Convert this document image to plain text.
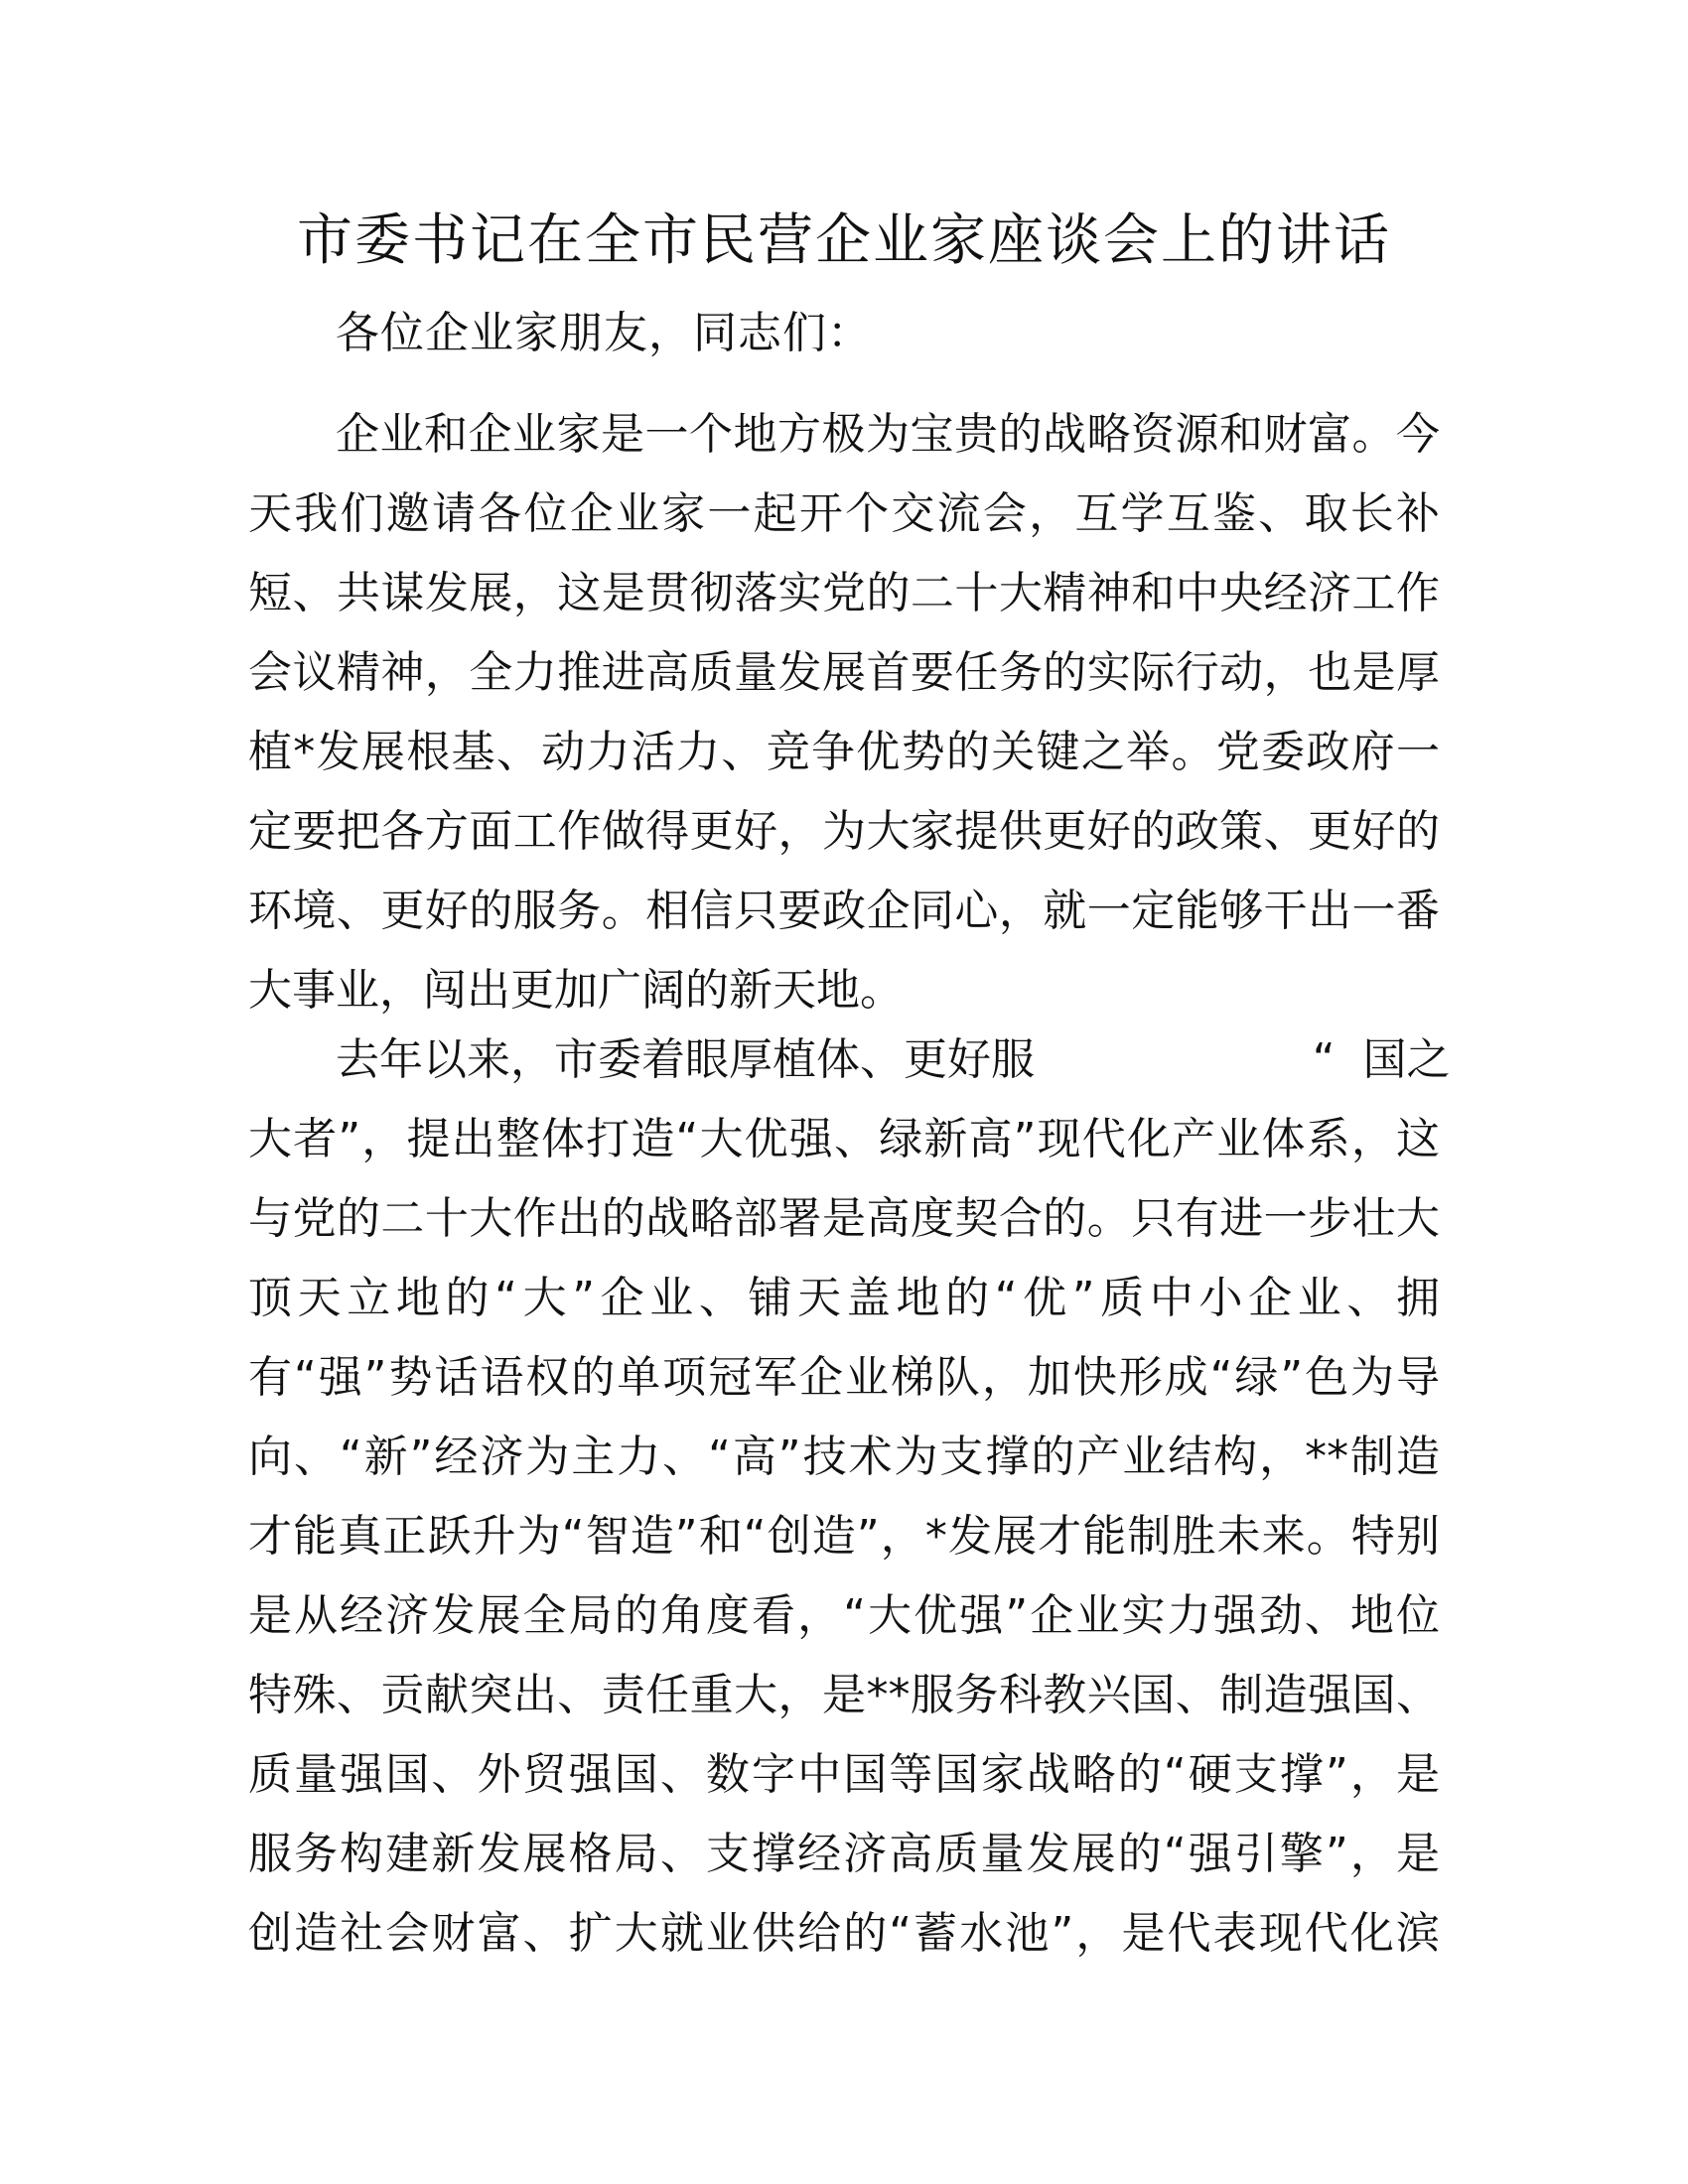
市委书记在全市民营企业家座谈会上的讲话
各位企业家朋友，同志们：
企业和企业家是一个地方极为宝贵的战略资源和财富。今
天我们邀请各位企业家一起开个交流会，互学互鉴、取长补
短、共谋发展，这是贯彻落实党的二十大精神和中央经济工作
会议精神，全力推进高质量发展首要任务的实际行动，也是厚
植*发展根基、动力活力、竞争优势的关键之举。党委政府一
定要把各方面工作做得更好，为大家提供更好的政策、更好的
环境、更好的服务。相信只要政企同心，就一定能够干出一番
大事业，闯出更加广阔的新天地。
去年以来，市委着眼厚植体、更好服                    “  国之
大者”，提出整体打造“大优强、绿新高”现代化产业体系，这
与党的二十大作出的战略部署是高度契合的。只有进一步壮大
顶天立地的“大”企业、铺天盖地的“优”质中小企业、拥
有“强”势话语权的单项冠军企业梯队，加快形成“绿”色为导
向、“新”经济为主力、“高”技术为支撑的产业结构，**制造
才能真正跃升为“智造”和“创造”，*发展才能制胜未来。特别
是从经济发展全局的角度看，“大优强”企业实力强劲、地位
特殊、贡献突出、责任重大，是**服务科教兴国、制造强国、
质量强国、外贸强国、数字中国等国家战略的“硬支撑”，是
服务构建新发展格局、支撑经济高质量发展的“强引擎”，是
创造社会财富、扩大就业供给的“蓄水池”，是代表现代化滨
